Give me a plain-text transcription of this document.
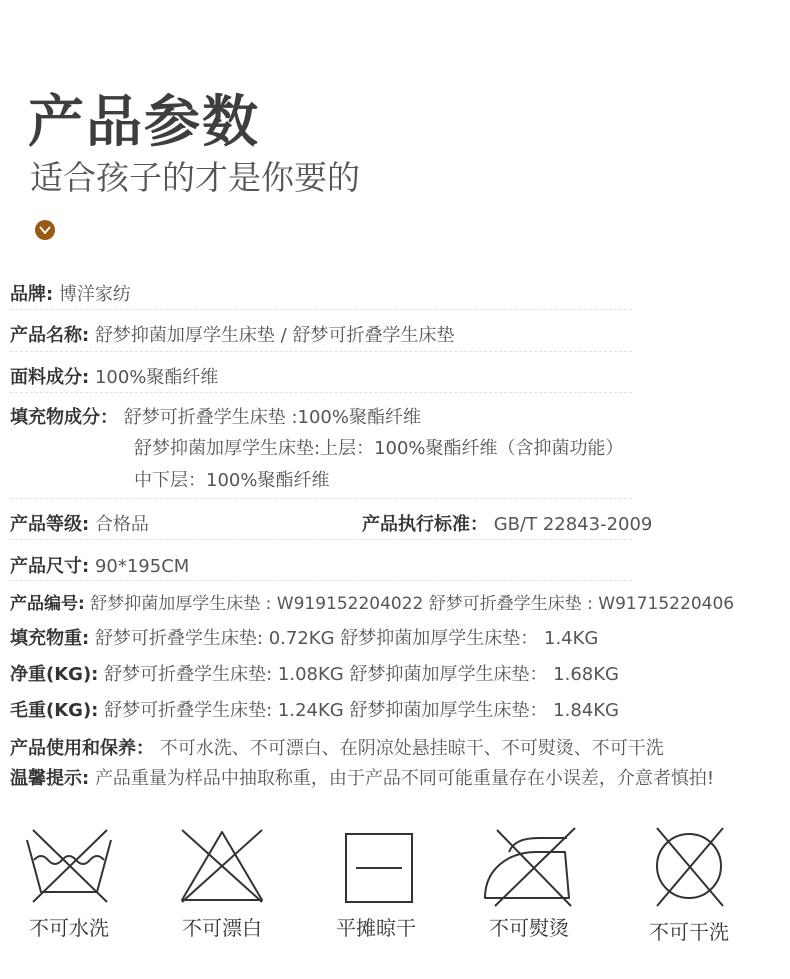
产品参数
适合孩子的才是你要的
品牌: 博洋家纺
产品名称: 舒梦抑菌加厚学生床垫 / 舒梦可折叠学生床垫
面料成分: 100%聚酯纤维
填充物成分： 舒梦可折叠学生床垫 :100%聚酯纤维
舒梦抑菌加厚学生床垫:上层：100%聚酯纤维（含抑菌功能）
中下层：100%聚酯纤维
产品等级: 合格品	产品执行标准： GB/T 22843-2009
产品尺寸: 90*195CM
产品编号: 舒梦抑菌加厚学生床垫 : W919152204022 舒梦可折叠学生床垫 : W91715220406
填充物重: 舒梦可折叠学生床垫: 0.72KG 舒梦抑菌加厚学生床垫： 1.4KG
净重(KG): 舒梦可折叠学生床垫: 1.08KG 舒梦抑菌加厚学生床垫： 1.68KG
毛重(KG): 舒梦可折叠学生床垫: 1.24KG 舒梦抑菌加厚学生床垫： 1.84KG
产品使用和保养： 不可水洗、不可漂白、在阴凉处悬挂晾干、不可熨烫、不可干洗
温馨提示: 产品重量为样品中抽取称重，由于产品不同可能重量存在小误差，介意者慎拍!
不可水洗	不可漂白	平摊晾干	不可熨烫	不可干洗
